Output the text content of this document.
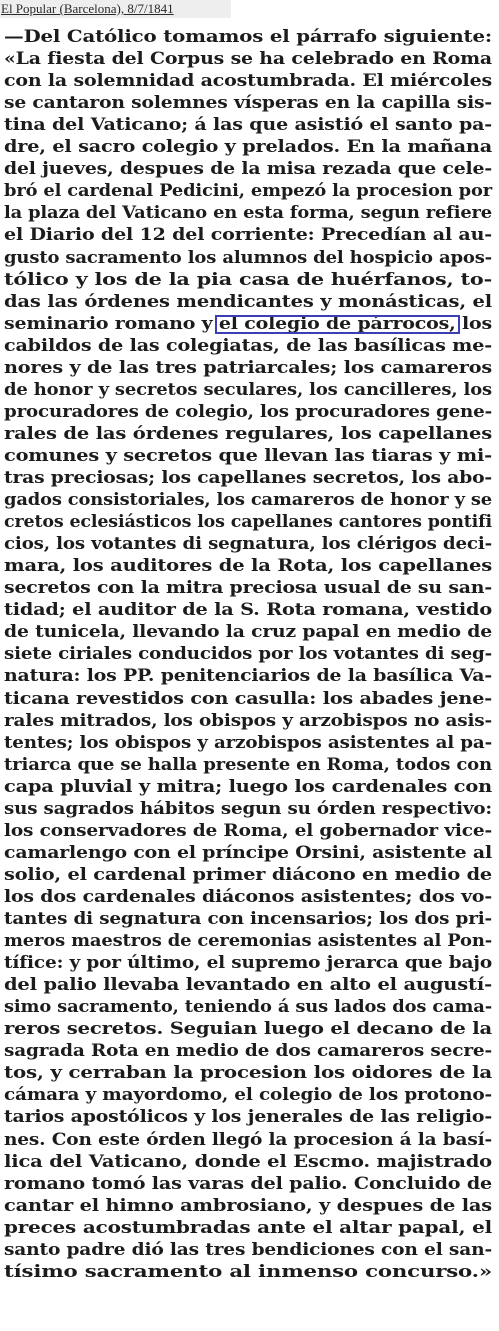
El Popular (Barcelona), 8/7/1841
—Del Católico tomamos el párrafo siguiente:
«La fiesta del Corpus se ha celebrado en Roma
con la solemnidad acostumbrada. El miércoles
se cantaron solemnes vísperas en la capilla sis-
tina del Vaticano; á las que asistió el santo pa-
dre, el sacro colegio y prelados. En la mañana
del jueves, despues de la misa rezada que cele-
bró el cardenal Pedicini, empezó la procesion por
la plaza del Vaticano en esta forma, segun refiere
el Diario del 12 del corriente: Precedían al au-
gusto sacramento los alumnos del hospicio apos-
tólico y los de la pia casa de huérfanos, to-
das las órdenes mendicantes y monásticas, el
seminario romano y el colegio de párrocos, los
cabildos de las colegiatas, de las basílicas me-
nores y de las tres patriarcales; los camareros
de honor y secretos seculares, los cancilleres, los
procuradores de colegio, los procuradores gene-
rales de las órdenes regulares, los capellanes
comunes y secretos que llevan las tiaras y mi-
tras preciosas; los capellanes secretos, los abo-
gados consistoriales, los camareros de honor y se
cretos eclesiásticos los capellanes cantores pontifi
cios, los votantes di segnatura, los clérigos deci-
mara, los auditores de la Rota, los capellanes
secretos con la mitra preciosa usual de su san-
tidad; el auditor de la S. Rota romana, vestido
de tunicela, llevando la cruz papal en medio de
siete ciriales conducidos por los votantes di seg-
natura: los PP. penitenciarios de la basílica Va-
ticana revestidos con casulla: los abades jene-
rales mitrados, los obispos y arzobispos no asis-
tentes; los obispos y arzobispos asistentes al pa-
triarca que se halla presente en Roma, todos con
capa pluvial y mitra; luego los cardenales con
sus sagrados hábitos segun su órden respectivo:
los conservadores de Roma, el gobernador vice-
camarlengo con el príncipe Orsini, asistente al
solio, el cardenal primer diácono en medio de
los dos cardenales diáconos asistentes; dos vo-
tantes di segnatura con incensarios; los dos pri-
meros maestros de ceremonias asistentes al Pon-
tífice: y por último, el supremo jerarca que bajo
del palio llevaba levantado en alto el augustí-
simo sacramento, teniendo á sus lados dos cama-
reros secretos. Seguian luego el decano de la
sagrada Rota en medio de dos camareros secre-
tos, y cerraban la procesion los oidores de la
cámara y mayordomo, el colegio de los protono-
tarios apostólicos y los jenerales de las religio-
nes. Con este órden llegó la procesion á la basí-
lica del Vaticano, donde el Escmo. majistrado
romano tomó las varas del palio. Concluido de
cantar el himno ambrosiano, y despues de las
preces acostumbradas ante el altar papal, el
santo padre dió las tres bendiciones con el san-
tísimo sacramento al inmenso concurso.»
